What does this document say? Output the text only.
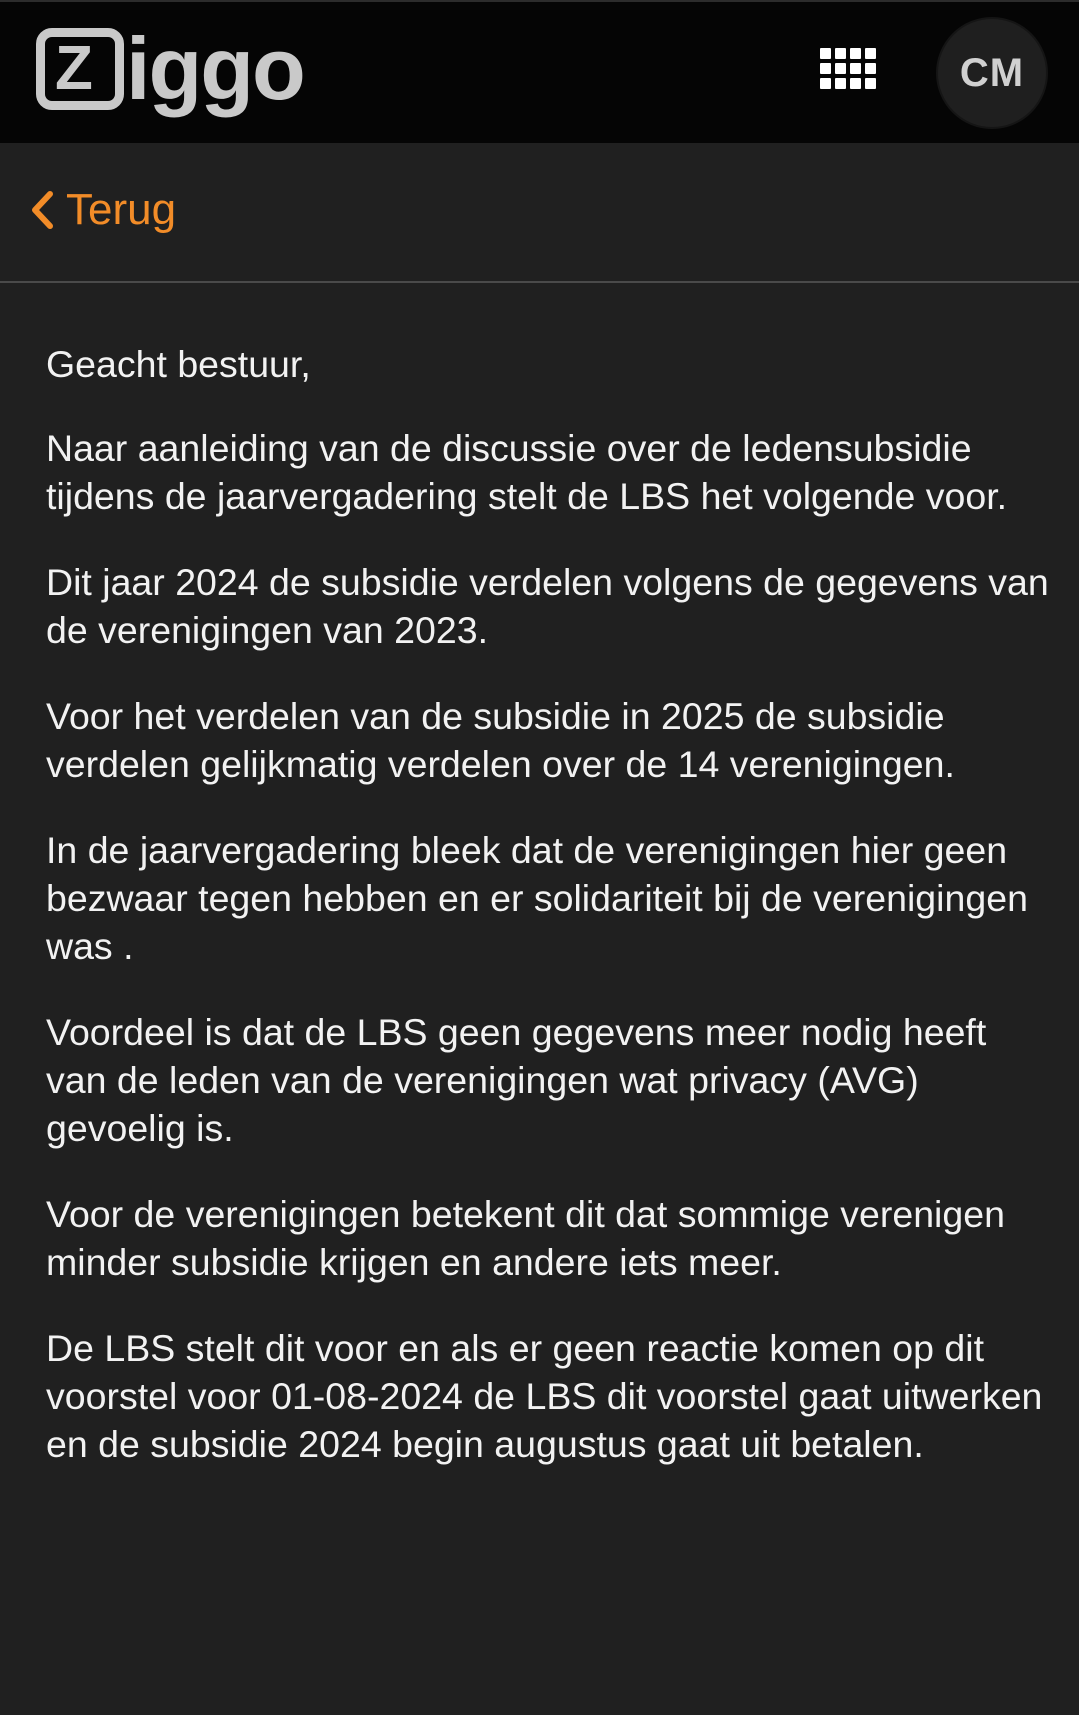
Z iggo	CM
Terug

Geacht bestuur,

Naar aanleiding van de discussie over de ledensubsidie tijdens de jaarvergadering stelt de LBS het volgende voor.

Dit jaar 2024 de subsidie verdelen volgens de gegevens van de verenigingen van 2023.

Voor het verdelen van de subsidie in 2025 de subsidie verdelen gelijkmatig verdelen over de 14 verenigingen.

In de jaarvergadering bleek dat de verenigingen hier geen bezwaar tegen hebben en er solidariteit bij de verenigingen was .

Voordeel is dat de LBS geen gegevens meer nodig heeft van de leden van de verenigingen wat privacy (AVG) gevoelig is.

Voor de verenigingen betekent dit dat sommige verenigen minder subsidie krijgen en andere iets meer.

De LBS stelt dit voor en als er geen reactie komen op dit voorstel voor 01-08-2024 de LBS dit voorstel gaat uitwerken en de subsidie 2024 begin augustus gaat uit betalen.
